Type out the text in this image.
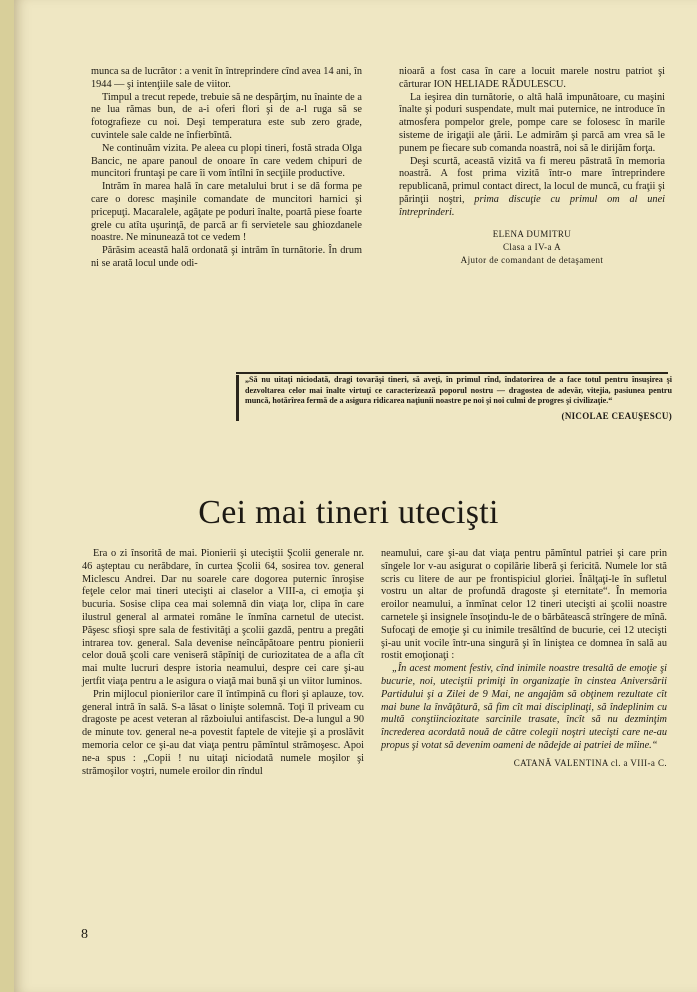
munca sa de lucrător : a venit în întreprindere cînd avea 14 ani, în 1944 — şi intenţiile sale de viitor.

Timpul a trecut repede, trebuie să ne despărţim, nu înainte de a ne lua rămas bun, de a-i oferi flori şi de a-l ruga să se fotografieze cu noi. Deşi temperatura este sub zero grade, cuvintele sale calde ne înfierbîntă.

Ne continuăm vizita. Pe aleea cu plopi tineri, fostă strada Olga Bancic, ne apare panoul de onoare în care vedem chipuri de muncitori fruntaşi pe care îi vom întîlni în secţiile productive.

Intrăm în marea hală în care metalului brut i se dă forma pe care o doresc maşinile comandate de muncitori harnici şi pricepuţi. Macaralele, agăţate pe poduri înalte, poartă piese foarte grele cu atîta uşurinţă, de parcă ar fi servietele sau ghiozdanele noastre. Ne minunează tot ce vedem !

Părăsim această hală ordonată şi intrăm în turnătorie. În drum ni se arată locul unde odi-

nioară a fost casa în care a locuit marele nostru patriot şi cărturar ION HELIADE RĂDULESCU.

La ieşirea din turnătorie, o altă hală impunătoare, cu maşini înalte şi poduri suspendate, mult mai puternice, ne introduce în atmosfera pompelor grele, pompe care se folosesc în marile sisteme de irigaţii ale ţării. Le admirăm şi parcă am vrea să le punem pe fiecare sub comanda noastră, noi să le dirijăm forţa.

Deşi scurtă, această vizită va fi mereu păstrată în memoria noastră. A fost prima vizită într-o mare întreprindere republicană, primul contact direct, la locul de muncă, cu fraţii şi părinţii noştri, prima discuţie cu primul om al unei întreprinderi.

ELENA DUMITRU
Clasa a IV-a A
Ajutor de comandant de detaşament
„Să nu uitaţi niciodată, dragi tovarăşi tineri, să aveţi, în primul rînd, îndatorirea de a face totul pentru însuşirea şi dezvoltarea celor mai înalte virtuţi ce caracterizează poporul nostru — dragostea de adevăr, vitejia, pasiunea pentru muncă, hotărîrea fermă de a asigura ridicarea naţiunii noastre pe noi şi noi culmi de progres şi civilizaţie.“
(NICOLAE CEAUŞESCU)
Cei mai tineri utecişti

Era o zi însorită de mai. Pionierii şi uteciştii Şcolii generale nr. 46 aşteptau cu nerăbdare, în curtea Şcolii 64, sosirea tov. general Miclescu Andrei. Dar nu soarele care dogorea puternic înroşise feţele celor mai tineri utecişti ai claselor a VIII-a, ci emoţia şi bucuria. Sosise clipa cea mai solemnă din viaţa lor, clipa în care ilustrul general al armatei române le înmîna carnetul de utecist. Păşesc sfioşi spre sala de festivităţi a şcolii gazdă, pentru a pregăti intrarea tov. general. Sala devenise neîncăpătoare pentru pionierii celor două şcoli care veniseră stăpîniţi de curiozitatea de a afla cît mai multe lucruri despre istoria neamului, despre cei care şi-au jertfit viaţa pentru a le asigura o viaţă mai bună şi un viitor luminos.

Prin mijlocul pionierilor care îl întîmpină cu flori şi aplauze, tov. general intră în sală. S-a lăsat o linişte solemnă. Toţi îl priveam cu dragoste pe acest veteran al războiului antifascist. De-a lungul a 90 de minute tov. general ne-a povestit faptele de vitejie şi a proslăvit memoria celor ce şi-au dat viaţa pentru pămîntul strămoşesc. Apoi ne-a spus : „Copii ! nu uitaţi niciodată numele moşilor şi strămoşilor voştri, numele eroilor din rîndul

neamului, care şi-au dat viaţa pentru pămîntul patriei şi care prin sîngele lor v-au asigurat o copilărie liberă şi fericită. Numele lor stă scris cu litere de aur pe frontispiciul gloriei. Înălţaţi-le în sufletul vostru un altar de profundă dragoste şi eternitate“. În memoria eroilor neamului, a înmînat celor 12 tineri utecişti ai şcolii noastre carnetele şi insignele însoţindu-le de o bărbătească strîngere de mînă. Sufocaţi de emoţie şi cu inimile tresăltînd de bucurie, cei 12 utecişti şi-au unit vocile într-una singură şi în liniştea ce domnea în sală au rostit emoţionaţi :

„În acest moment festiv, cînd inimile noastre tresaltă de emoţie şi bucurie, noi, uteciştii primiţi în organizaţie în cinstea Aniversării Partidului şi a Zilei de 9 Mai, ne angajăm să obţinem rezultate cît mai bune la învăţătură, să fim cît mai disciplinaţi, să îndeplinim cu multă conştiinciozitate sarcinile trasate, încît să nu dezminţim încrederea acordată nouă de către colegii noştri utecişti care ne-au propus şi votat să devenim oameni de nădejde ai patriei de mîine.“

CATANĂ VALENTINA cl. a VIII-a C.
8
